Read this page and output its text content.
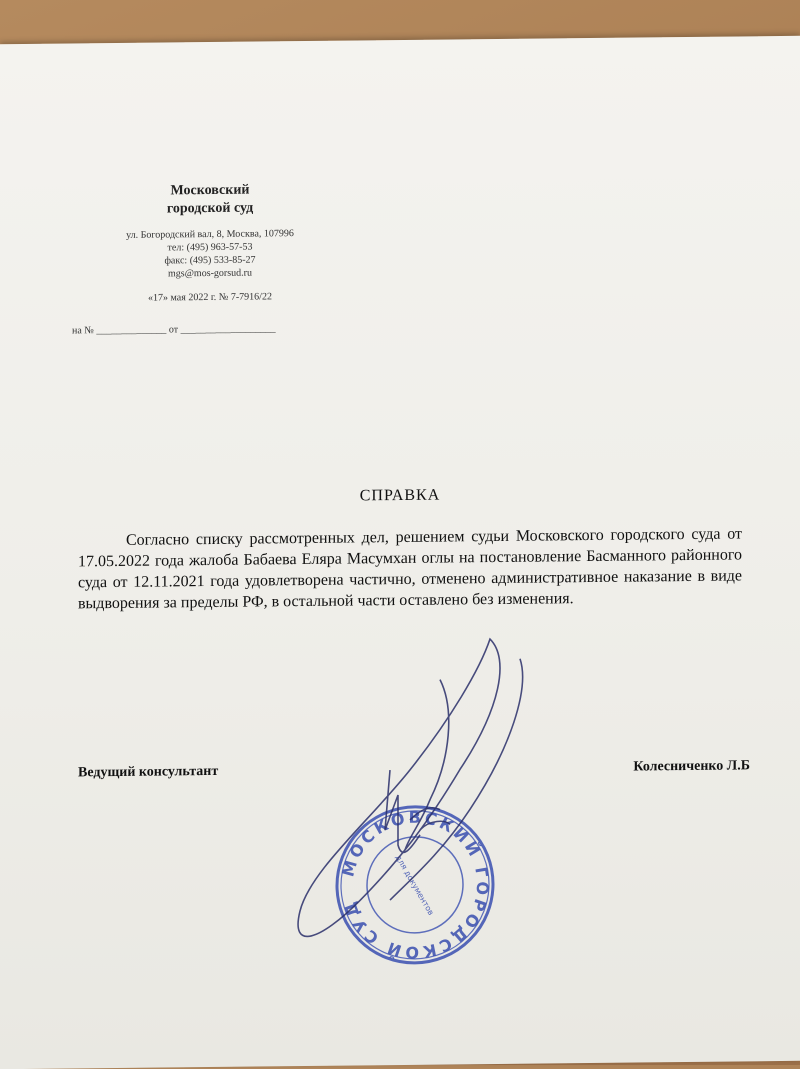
Московский
городской суд
ул. Богородский вал, 8, Москва, 107996
тел: (495) 963-57-53
факс: (495) 533-85-27
mgs@mos-gorsud.ru
«17» мая 2022 г. № 7-7916/22
на № ______________ от ___________________
СПРАВКА
Согласно списку рассмотренных дел, решением судьи Московского городского суда от 17.05.2022 года жалоба Бабаева Еляра Масумхан оглы на постановление Басманного районного суда от 12.11.2021 года удовлетворена частично, отменено административное наказание в виде выдворения за пределы РФ, в остальной части оставлено без изменения.
Ведущий консультант	Колесниченко Л.Б
МОСКОВСКИЙ ГОРОДСКОЙ СУД	для документов
